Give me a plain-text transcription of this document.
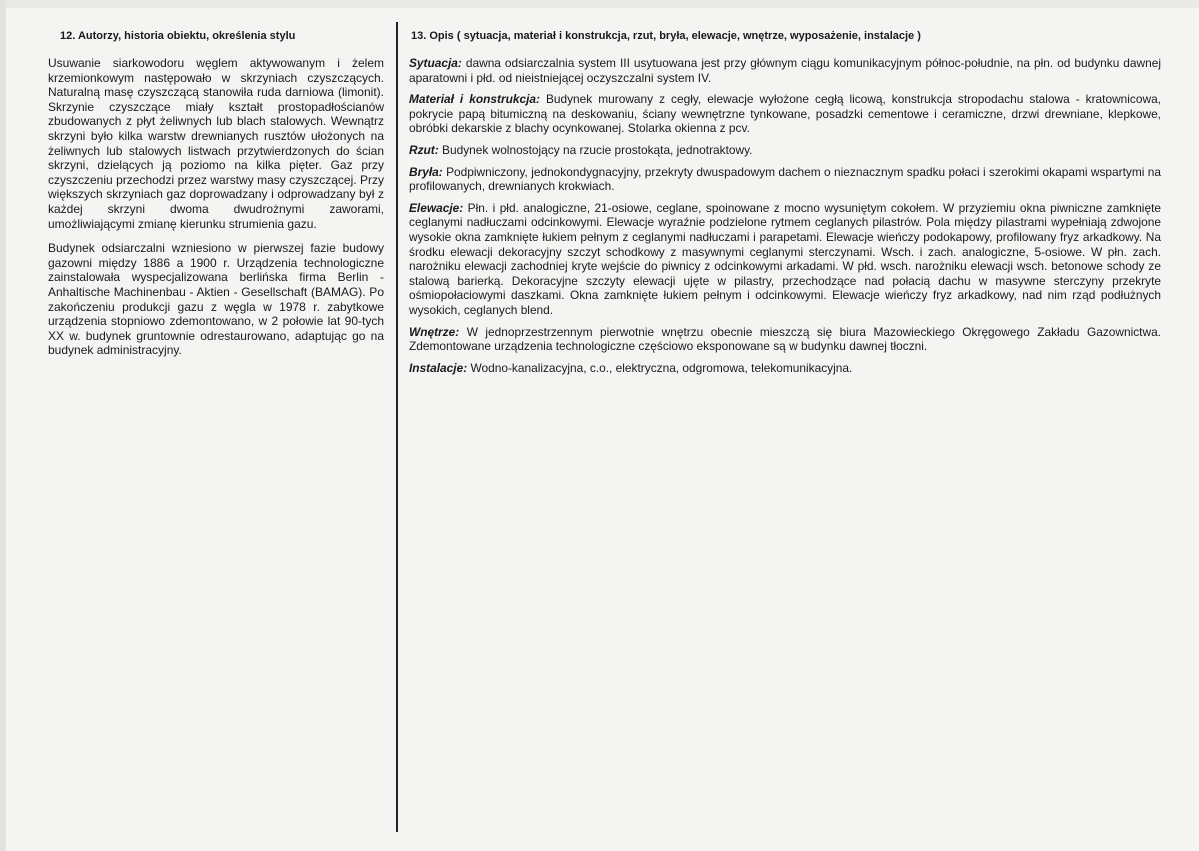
12. Autorzy, historia obiektu, określenia stylu

Usuwanie siarkowodoru węglem aktywowanym i żelem krzemionkowym następowało w skrzyniach czyszczących. Naturalną masę czyszczącą stanowiła ruda darniowa (limonit). Skrzynie czyszczące miały kształt prostopadłościanów zbudowanych z płyt żeliwnych lub blach stalowych. Wewnątrz skrzyni było kilka warstw drewnianych rusztów ułożonych na żeliwnych lub stalowych listwach przytwierdzonych do ścian skrzyni, dzielących ją poziomo na kilka pięter. Gaz przy czyszczeniu przechodzi przez warstwy masy czyszczącej. Przy większych skrzyniach gaz doprowadzany i odprowadzany był z każdej skrzyni dwoma dwudrożnymi zaworami, umożliwiającymi zmianę kierunku strumienia gazu.

Budynek odsiarczalni wzniesiono w pierwszej fazie budowy gazowni między 1886 a 1900 r. Urządzenia technologiczne zainstalowała wyspecjalizowana berlińska firma Berlin - Anhaltische Machinenbau - Aktien - Gesellschaft (BAMAG). Po zakończeniu produkcji gazu z węgla w 1978 r. zabytkowe urządzenia stopniowo zdemontowano, w 2 połowie lat 90-tych XX w. budynek gruntownie odrestaurowano, adaptując go na budynek administracyjny.

13. Opis ( sytuacja, materiał i konstrukcja, rzut, bryła, elewacje, wnętrze, wyposażenie, instalacje )

Sytuacja: dawna odsiarczalnia system III usytuowana jest przy głównym ciągu komunikacyjnym północ-południe, na płn. od budynku dawnej aparatowni i płd. od nieistniejącej oczyszczalni system IV.

Materiał i konstrukcja: Budynek murowany z cegły, elewacje wyłożone cegłą licową, konstrukcja stropodachu stalowa - kratownicowa, pokrycie papą bitumiczną na deskowaniu, ściany wewnętrzne tynkowane, posadzki cementowe i ceramiczne, drzwi drewniane, klepkowe, obróbki dekarskie z blachy ocynkowanej. Stolarka okienna z pcv.

Rzut: Budynek wolnostojący na rzucie prostokąta, jednotraktowy.

Bryła: Podpiwniczony, jednokondygnacyjny, przekryty dwuspadowym dachem o nieznacznym spadku połaci i szerokimi okapami wspartymi na profilowanych, drewnianych krokwiach.

Elewacje: Płn. i płd. analogiczne, 21-osiowe, ceglane, spoinowane z mocno wysuniętym cokołem. W przyziemiu okna piwniczne zamknięte ceglanymi nadłuczami odcinkowymi. Elewacje wyraźnie podzielone rytmem ceglanych pilastrów. Pola między pilastrami wypełniają zdwojone wysokie okna zamknięte łukiem pełnym z ceglanymi nadłuczami i parapetami. Elewacje wieńczy podokapowy, profilowany fryz arkadkowy. Na środku elewacji dekoracyjny szczyt schodkowy z masywnymi ceglanymi sterczynami. Wsch. i zach. analogiczne, 5-osiowe. W płn. zach. narożniku elewacji zachodniej kryte wejście do piwnicy z odcinkowymi arkadami. W płd. wsch. narożniku elewacji wsch. betonowe schody ze stalową barierką. Dekoracyjne szczyty elewacji ujęte w pilastry, przechodzące nad połacią dachu w masywne sterczyny przekryte ośmiopołaciowymi daszkami. Okna zamknięte łukiem pełnym i odcinkowymi. Elewacje wieńczy fryz arkadkowy, nad nim rząd podłużnych wysokich, ceglanych blend.

Wnętrze: W jednoprzestrzennym pierwotnie wnętrzu obecnie mieszczą się biura Mazowieckiego Okręgowego Zakładu Gazownictwa. Zdemontowane urządzenia technologiczne częściowo eksponowane są w budynku dawnej tłoczni.

Instalacje: Wodno-kanalizacyjna, c.o., elektryczna, odgromowa, telekomunikacyjna.
